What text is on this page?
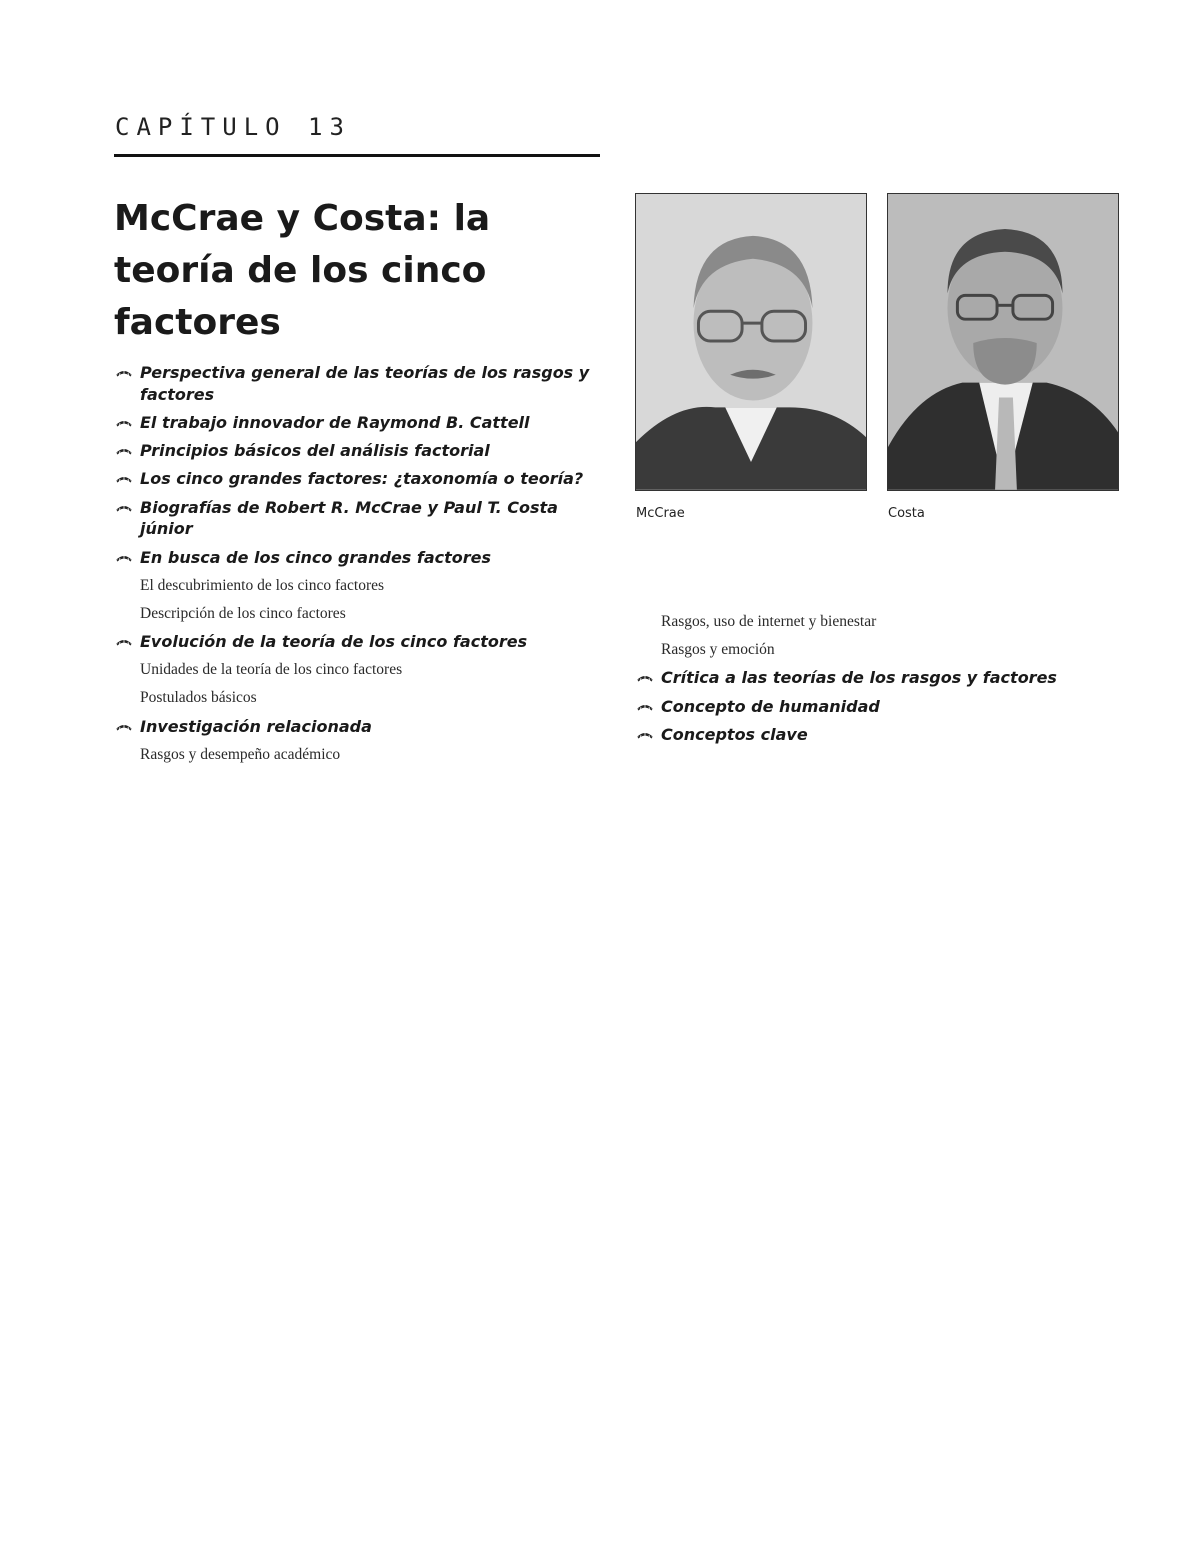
CAPÍTULO 13
McCrae y Costa: la teoría de los cinco factores
Perspectiva general de las teorías de los rasgos y factores
El trabajo innovador de Raymond B. Cattell
Principios básicos del análisis factorial
Los cinco grandes factores: ¿taxonomía o teoría?
Biografías de Robert R. McCrae y Paul T. Costa júnior
En busca de los cinco grandes factores
El descubrimiento de los cinco factores
Descripción de los cinco factores
Evolución de la teoría de los cinco factores
Unidades de la teoría de los cinco factores
Postulados básicos
Investigación relacionada
Rasgos y desempeño académico
McCrae	Costa
Rasgos, uso de internet y bienestar
Rasgos y emoción
Crítica a las teorías de los rasgos y factores
Concepto de humanidad
Conceptos clave
